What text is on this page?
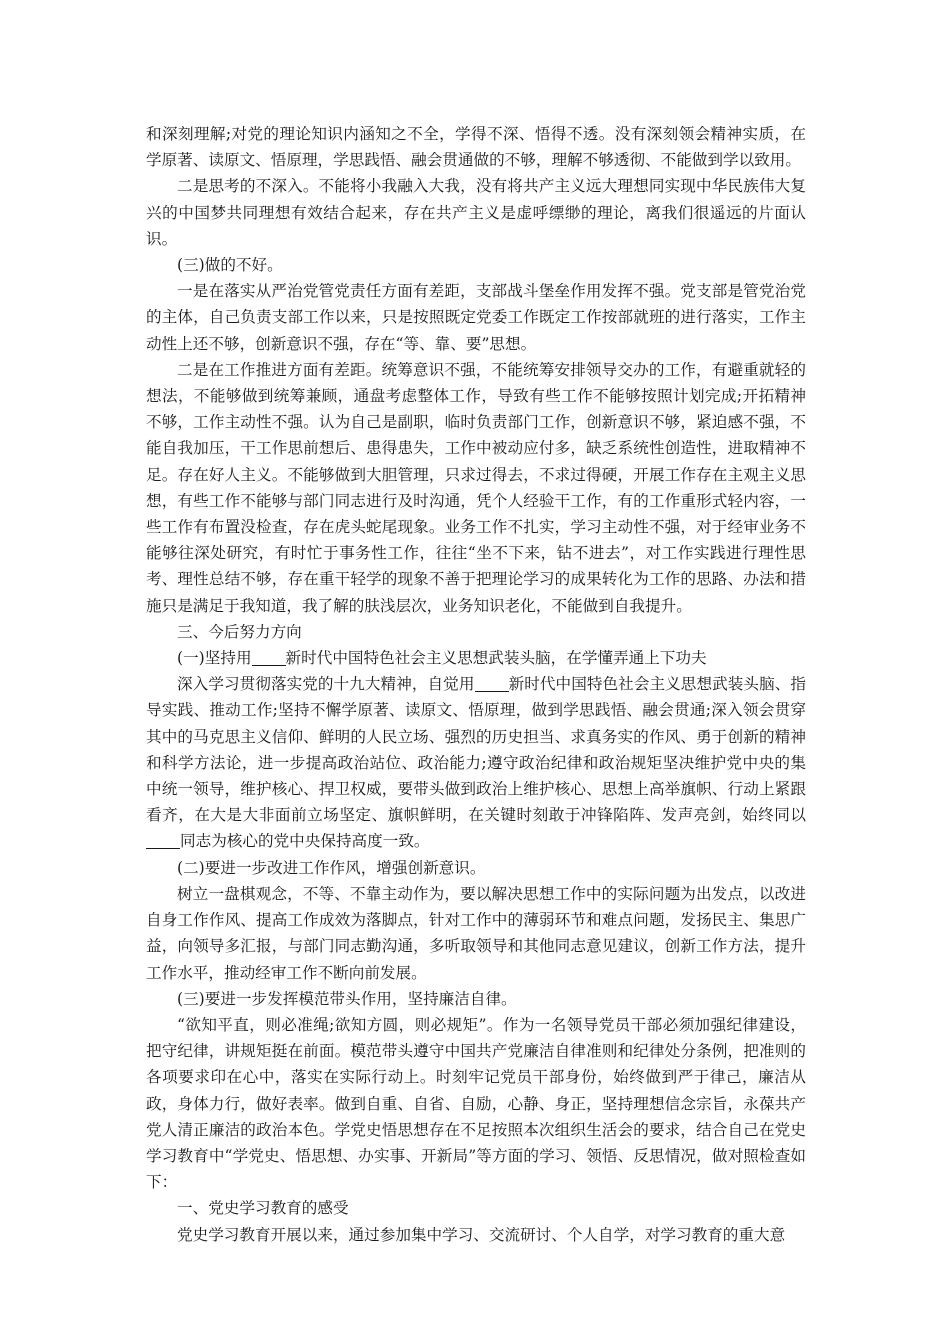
和深刻理解;对党的理论知识内涵知之不全，学得不深、悟得不透。没有深刻领会精神实质，在学原著、读原文、悟原理，学思践悟、融会贯通做的不够，理解不够透彻、不能做到学以致用。

二是思考的不深入。不能将小我融入大我，没有将共产主义远大理想同实现中华民族伟大复兴的中国梦共同理想有效结合起来，存在共产主义是虚呼缥缈的理论，离我们很遥远的片面认识。

(三)做的不好。

一是在落实从严治党管党责任方面有差距，支部战斗堡垒作用发挥不强。党支部是管党治党的主体，自己负责支部工作以来，只是按照既定党委工作既定工作按部就班的进行落实，工作主动性上还不够，创新意识不强，存在“等、靠、要”思想。

二是在工作推进方面有差距。统筹意识不强，不能统筹安排领导交办的工作，有避重就轻的想法，不能够做到统筹兼顾，通盘考虑整体工作，导致有些工作不能够按照计划完成;开拓精神不够，工作主动性不强。认为自己是副职，临时负责部门工作，创新意识不够，紧迫感不强，不能自我加压，干工作思前想后、患得患失，工作中被动应付多，缺乏系统性创造性，进取精神不足。存在好人主义。不能够做到大胆管理，只求过得去，不求过得硬，开展工作存在主观主义思想，有些工作不能够与部门同志进行及时沟通，凭个人经验干工作，有的工作重形式轻内容，一些工作有布置没检查，存在虎头蛇尾现象。业务工作不扎实，学习主动性不强，对于经审业务不能够往深处研究，有时忙于事务性工作，往往“坐不下来，钻不进去”，对工作实践进行理性思考、理性总结不够，存在重干轻学的现象不善于把理论学习的成果转化为工作的思路、办法和措施只是满足于我知道，我了解的肤浅层次，业务知识老化，不能做到自我提升。

三、今后努力方向

(一)坚持用 新时代中国特色社会主义思想武装头脑，在学懂弄通上下功夫

深入学习贯彻落实党的十九大精神，自觉用 新时代中国特色社会主义思想武装头脑、指导实践、推动工作;坚持不懈学原著、读原文、悟原理，做到学思践悟、融会贯通;深入领会贯穿其中的马克思主义信仰、鲜明的人民立场、强烈的历史担当、求真务实的作风、勇于创新的精神和科学方法论，进一步提高政治站位、政治能力;遵守政治纪律和政治规矩坚决维护党中央的集中统一领导，维护核心、捍卫权威，要带头做到政治上维护核心、思想上高举旗帜、行动上紧跟看齐，在大是大非面前立场坚定、旗帜鲜明，在关键时刻敢于冲锋陷阵、发声亮剑，始终同以同志为核心的党中央保持高度一致。

(二)要进一步改进工作作风，增强创新意识。

树立一盘棋观念，不等、不靠主动作为，要以解决思想工作中的实际问题为出发点，以改进自身工作作风、提高工作成效为落脚点，针对工作中的薄弱环节和难点问题，发扬民主、集思广益，向领导多汇报，与部门同志勤沟通，多听取领导和其他同志意见建议，创新工作方法，提升工作水平，推动经审工作不断向前发展。

(三)要进一步发挥模范带头作用，坚持廉洁自律。

“欲知平直，则必准绳;欲知方圆，则必规矩”。作为一名领导党员干部必须加强纪律建设，把守纪律，讲规矩挺在前面。模范带头遵守中国共产党廉洁自律准则和纪律处分条例，把准则的各项要求印在心中，落实在实际行动上。时刻牢记党员干部身份，始终做到严于律己，廉洁从政，身体力行，做好表率。做到自重、自省、自励，心静、身正，坚持理想信念宗旨，永葆共产党人清正廉洁的政治本色。学党史悟思想存在不足按照本次组织生活会的要求，结合自己在党史学习教育中“学党史、悟思想、办实事、开新局”等方面的学习、领悟、反思情况，做对照检查如下：

一、党史学习教育的感受

党史学习教育开展以来，通过参加集中学习、交流研讨、个人自学，对学习教育的重大意
